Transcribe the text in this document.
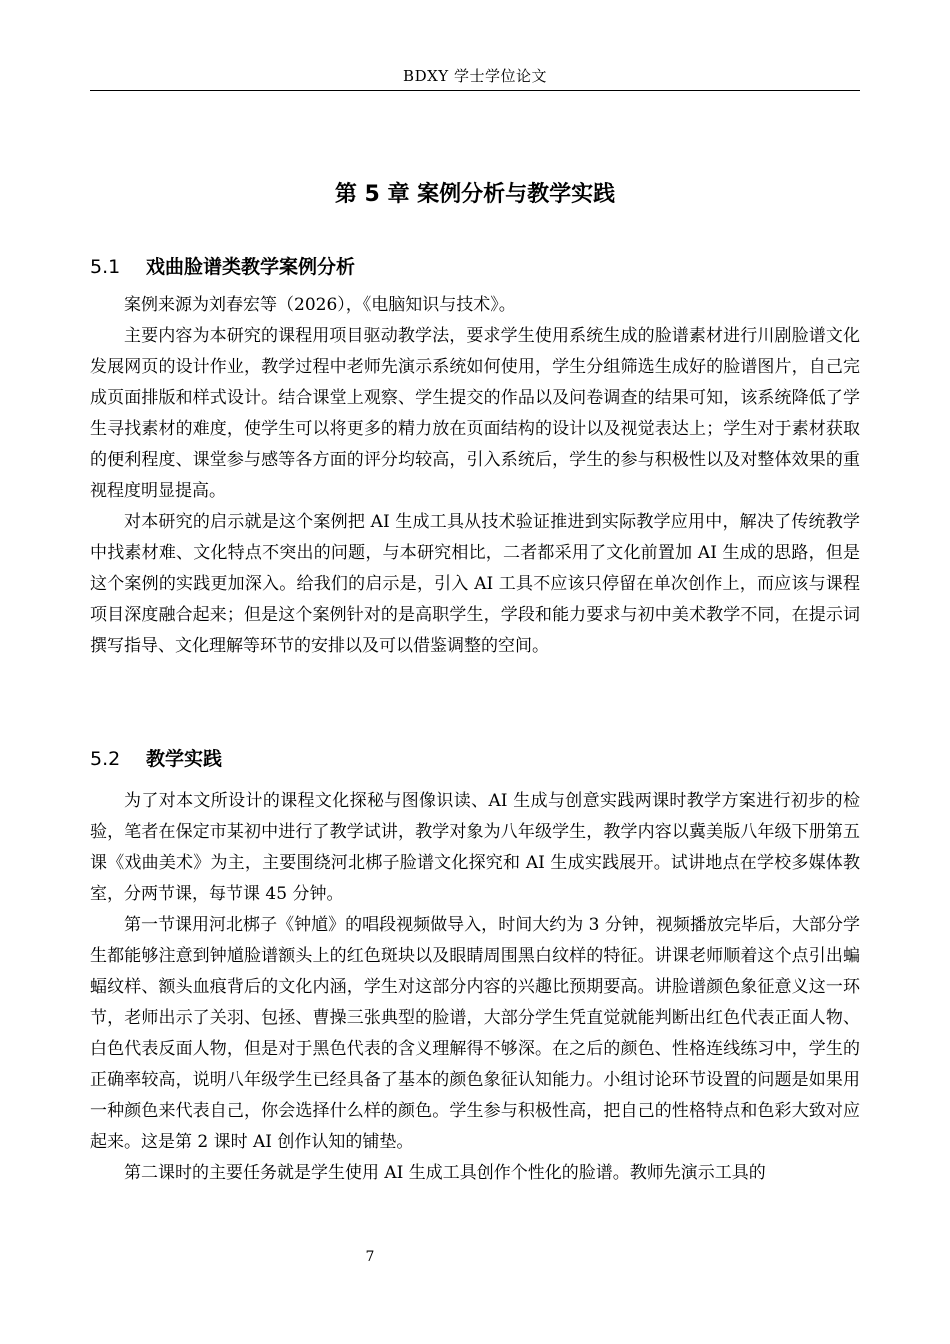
BDXY 学士学位论文
第 5 章 案例分析与教学实践
5.1 戏曲脸谱类教学案例分析

案例来源为刘春宏等（2026），《电脑知识与技术》。

主要内容为本研究的课程用项目驱动教学法，要求学生使用系统生成的脸谱素材进行川剧脸谱文化发展网页的设计作业，教学过程中老师先演示系统如何使用，学生分组筛选生成好的脸谱图片，自己完成页面排版和样式设计。结合课堂上观察、学生提交的作品以及问卷调查的结果可知，该系统降低了学生寻找素材的难度，使学生可以将更多的精力放在页面结构的设计以及视觉表达上；学生对于素材获取的便利程度、课堂参与感等各方面的评分均较高，引入系统后，学生的参与积极性以及对整体效果的重视程度明显提高。

对本研究的启示就是这个案例把 AI 生成工具从技术验证推进到实际教学应用中，解决了传统教学中找素材难、文化特点不突出的问题，与本研究相比，二者都采用了文化前置加 AI 生成的思路，但是这个案例的实践更加深入。给我们的启示是，引入 AI 工具不应该只停留在单次创作上，而应该与课程项目深度融合起来；但是这个案例针对的是高职学生，学段和能力要求与初中美术教学不同，在提示词撰写指导、文化理解等环节的安排以及可以借鉴调整的空间。

5.2 教学实践

为了对本文所设计的课程文化探秘与图像识读、AI 生成与创意实践两课时教学方案进行初步的检验，笔者在保定市某初中进行了教学试讲，教学对象为八年级学生，教学内容以冀美版八年级下册第五课《戏曲美术》为主，主要围绕河北梆子脸谱文化探究和 AI 生成实践展开。试讲地点在学校多媒体教室，分两节课，每节课 45 分钟。

第一节课用河北梆子《钟馗》的唱段视频做导入，时间大约为 3 分钟，视频播放完毕后，大部分学生都能够注意到钟馗脸谱额头上的红色斑块以及眼睛周围黑白纹样的特征。讲课老师顺着这个点引出蝙蝠纹样、额头血痕背后的文化内涵，学生对这部分内容的兴趣比预期要高。讲脸谱颜色象征意义这一环节，老师出示了关羽、包拯、曹操三张典型的脸谱，大部分学生凭直觉就能判断出红色代表正面人物、白色代表反面人物，但是对于黑色代表的含义理解得不够深。在之后的颜色、性格连线练习中，学生的正确率较高，说明八年级学生已经具备了基本的颜色象征认知能力。小组讨论环节设置的问题是如果用一种颜色来代表自己，你会选择什么样的颜色。学生参与积极性高，把自己的性格特点和色彩大致对应起来。这是第 2 课时 AI 创作认知的铺垫。

第二课时的主要任务就是学生使用 AI 生成工具创作个性化的脸谱。教师先演示工具的

7
